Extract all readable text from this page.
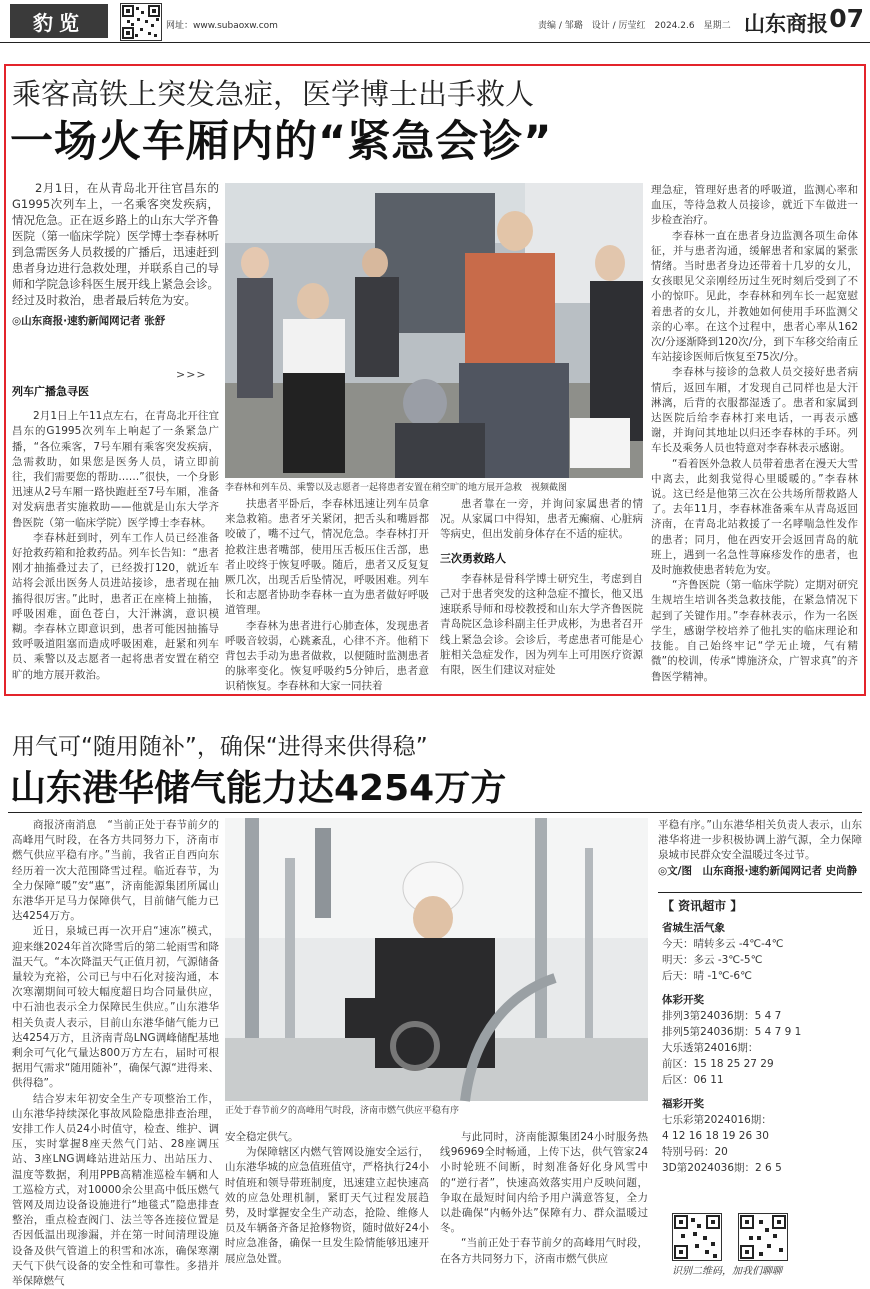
豹览	网址：www.subaoxw.com	责编 / 邹璐　设计 / 厉莹红　2024.2.6　星期二 山东商报 07
乘客高铁上突发急症，医学博士出手救人
一场火车厢内的“紧急会诊”

2月1日，在从青岛北开往官昌东的G1995次列车上，一名乘客突发疾病，情况危急。正在返乡路上的山东大学齐鲁医院（第一临床学院）医学博士李春林听到急需医务人员救援的广播后，迅速赶到患者身边进行急救处理，并联系自己的导师和学院急诊科医生展开线上紧急会诊。经过及时救治，患者最后转危为安。

◎山东商报·速豹新闻网记者 张舒

>>>

列车广播急寻医

2月1日上午11点左右，在青岛北开往宜昌东的G1995次列车上响起了一条紧急广播，“各位乘客，7号车厢有乘客突发疾病，急需救助，如果您是医务人员，请立即前往，我们需要您的帮助……”很快，一个身影迅速从2号车厢一路快跑赶至7号车厢，准备对发病患者实施救助——他就是山东大学齐鲁医院（第一临床学院）医学博士李春林。

李春林赶到时，列车工作人员已经准备好抢救药箱和抢救药品。列车长告知：“患者刚才抽搐叠过去了，已经拨打120，就近车站将会派出医务人员进站接诊，患者现在抽搐得很厉害。”此时，患者正在座椅上抽搐，呼吸困难，面色苍白，大汗淋漓，意识模糊。李春林立即意识到，患者可能因抽搐导致呼吸道阻塞而造成呼吸困难，赶紧和列车员、乘警以及志愿者一起将患者安置在稍空旷的地方展开救治。

李春林和列车员、乘警以及志愿者一起将患者安置在稍空旷的地方展开急救　视频截图

扶患者平卧后，李春林迅速让列车员拿来急救箱。患者牙关紧闭，把舌头和嘴唇都咬破了，嘴不过气，情况危急。李春林打开抢救注患者嘴部，使用压舌板压住舌部，患者止咬终于恢复呼吸。随后，患者又反复复厥几次，出现舌后坠情况，呼吸困难。列车长和志愿者协助李春林一直为患者做好呼吸道管理。

李春林为患者进行心肺查体，发现患者呼吸音较弱，心跳紊乱，心律不齐。他稍下背包去手动为患者做救，以便随时监测患者的脉率变化。恢复呼吸约5分钟后，患者意识稍恢复。李春林和大家一同扶着

患者靠在一旁，并询问家属患者的情况。从家属口中得知，患者无癫痫、心脏病等病史，但出发前身体存在不适的症状。

三次勇救路人

李春林是骨科学博士研究生，考虑到自己对于患者突发的这种急症不擅长，他又迅速联系导师和母校教授和山东大学齐鲁医院青岛院区急诊科副主任尹成彬，为患者召开线上紧急会诊。会诊后，考虑患者可能是心脏相关急症发作，因为列车上可用医疗资源有限，医生们建议对症处

理急症，管理好患者的呼吸道，监测心率和血压，等待急救人员接诊，就近下车做进一步检查治疗。

李春林一直在患者身边监测各项生命体征，并与患者沟通，缓解患者和家属的紧张情绪。当时患者身边还带着十几岁的女儿，女孩眼见父亲刚经历过生死时刻后受到了不小的惊吓。见此，李春林和列车长一起宽慰着患者的女儿，并教她如何使用手环监测父亲的心率。在这个过程中，患者心率从162次/分逐渐降到120次/分，到下车移交给南丘车站接诊医师后恢复至75次/分。

李春林与接诊的急救人员交接好患者病情后，返回车厢，才发现自己同样也是大汗淋漓，后背的衣服都湿透了。患者和家属到达医院后给李春林打来电话，一再表示感谢，并询问其地址以归还李春林的手环。列车长及乘务人员也特意对李春林表示感谢。

“看着医外急救人员带着患者在漫天大雪中离去，此刻我觉得心里暖暖的。”李春林说。这已经是他第三次在公共场所帮救路人了。去年11月，李春林准备乘车从青岛返回济南，在青岛北站救援了一名哮喘急性发作的患者；同月，他在西安开会返回青岛的航班上，遇到一名急性荨麻疹发作的患者，也及时施救使患者转危为安。

“齐鲁医院（第一临床学院）定期对研究生规培生培训各类急救技能，在紧急情况下起到了关键作用。”李春林表示，作为一名医学生，感谢学校培养了他扎实的临床理论和技能。自己始终牢记“学无止境，气有精微”的校训，传承“博施济众，广智求真”的齐鲁医学精神。

用气可“随用随补”，确保“进得来供得稳”
山东港华储气能力达4254万方

商报济南消息　“当前正处于春节前夕的高峰用气时段，在各方共同努力下，济南市燃气供应平稳有序。”当前，我省正自西向东经历着一次大范围降雪过程。临近春节，为全力保障“暖”安“惠”，济南能源集团所属山东港华开足马力保障供气，目前储气能力已达4254万方。

近日，泉城已再一次开启“速冻”模式，迎来继2024年首次降雪后的第二轮雨雪和降温天气。“本次降温天气正值月初，气源储备量较为充裕，公司已与中石化对接沟通，本次寒潮期间可较大幅度超日均合同量供应，中石油也表示全力保障民生供应。”山东港华相关负责人表示，目前山东港华储气能力已达4254万方，且济南青岛LNG调峰储配基地剩余可气化气量达800万方左右，届时可根据用气需求“随用随补”，确保气源“进得来、供得稳”。

结合岁末年初安全生产专项整治工作，山东港华持续深化事故风险隐患排查治理，安排工作人员24小时值守，检查、维护、调压，实时掌握8座天然气门站、28座调压站、3座LNG调峰站进站压力、出站压力、温度等数据，利用PPB高精准巡检车辆和人工巡检方式，对10000余公里高中低压燃气管网及周边设备设施进行“地毯式”隐患排查整治，重点检查阀门、法兰等各连接位置是否因低温出现渗漏，并在第一时间清理设施设备及供气管道上的积雪和冰冻，确保寒潮天气下供气设备的安全性和可靠性。多措并举保障燃气

正处于春节前夕的高峰用气时段，济南市燃气供应平稳有序

安全稳定供气。

为保障辖区内燃气管网设施安全运行，山东港华城的应急值班值守，严格执行24小时值班和领导带班制度，迅速建立起快速高效的应急处理机制，紧盯天气过程发展趋势，及时掌握安全生产动态，抢险、维修人员及车辆备齐备足抢修物资，随时做好24小时应急准备，确保一旦发生险情能够迅速开展应急处置。

与此同时，济南能源集团24小时服务热线96969全时畅通，上传下达，供气管家24小时轮班不间断，时刻准备好化身风雪中的“逆行者”，快速高效落实用户反映问题，争取在最短时间内给予用户满意答复，全力以赴确保“内畅外达”保障有力、群众温暖过冬。

“当前正处于春节前夕的高峰用气时段，在各方共同努力下，济南市燃气供应

平稳有序。”山东港华相关负责人表示，山东港华将进一步积极协调上游气源，全力保障泉城市民群众安全温暖过冬过节。

◎文/图　山东商报·速豹新闻网记者 史尚静

【 资讯超市 】
省城生活气象
今天：晴转多云 -4℃-4℃
明天：多云 -3℃-5℃
后天：晴 -1℃-6℃
体彩开奖
排列3第24036期：5 4 7
排列5第24036期：5 4 7 9 1
大乐透第24016期：
前区：15 18 25 27 29
后区：06 11
福彩开奖
七乐彩第2024016期：
4 12 16 18 19 26 30
特别号码：20
3D第2024036期：2 6 5
识别二维码，加我们聊聊
